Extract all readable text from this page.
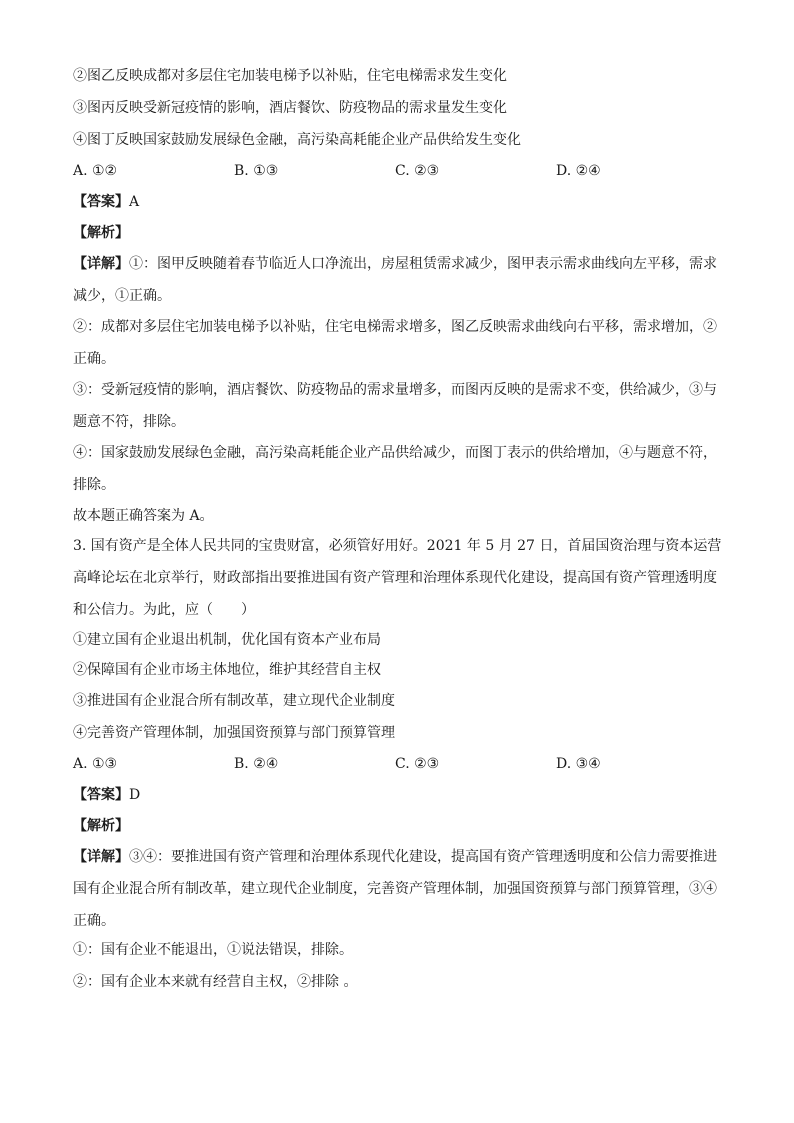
②图乙反映成都对多层住宅加装电梯予以补贴，住宅电梯需求发生变化
③图丙反映受新冠疫情的影响，酒店餐饮、防疫物品的需求量发生变化
④图丁反映国家鼓励发展绿色金融，高污染高耗能企业产品供给发生变化
A. ①②	B. ①③	C. ②③	D. ②④
【答案】A
【解析】
【详解】①：图甲反映随着春节临近人口净流出，房屋租赁需求减少，图甲表示需求曲线向左平移，需求减少，①正确。
②：成都对多层住宅加装电梯予以补贴，住宅电梯需求增多，图乙反映需求曲线向右平移，需求增加，②正确。
③：受新冠疫情的影响，酒店餐饮、防疫物品的需求量增多，而图丙反映的是需求不变，供给减少，③与题意不符，排除。
④：国家鼓励发展绿色金融，高污染高耗能企业产品供给减少，而图丁表示的供给增加，④与题意不符，排除。
故本题正确答案为 A。
3. 国有资产是全体人民共同的宝贵财富，必须管好用好。2021 年 5 月 27 日，首届国资治理与资本运营高峰论坛在北京举行，财政部指出要推进国有资产管理和治理体系现代化建设，提高国有资产管理透明度和公信力。为此，应（　　）
①建立国有企业退出机制，优化国有资本产业布局
②保障国有企业市场主体地位，维护其经营自主权
③推进国有企业混合所有制改革，建立现代企业制度
④完善资产管理体制，加强国资预算与部门预算管理
A. ①③	B. ②④	C. ②③	D. ③④
【答案】D
【解析】
【详解】③④：要推进国有资产管理和治理体系现代化建设，提高国有资产管理透明度和公信力需要推进国有企业混合所有制改革，建立现代企业制度，完善资产管理体制，加强国资预算与部门预算管理，③④正确。
①：国有企业不能退出，①说法错误，排除。
②：国有企业本来就有经营自主权，②排除 。
